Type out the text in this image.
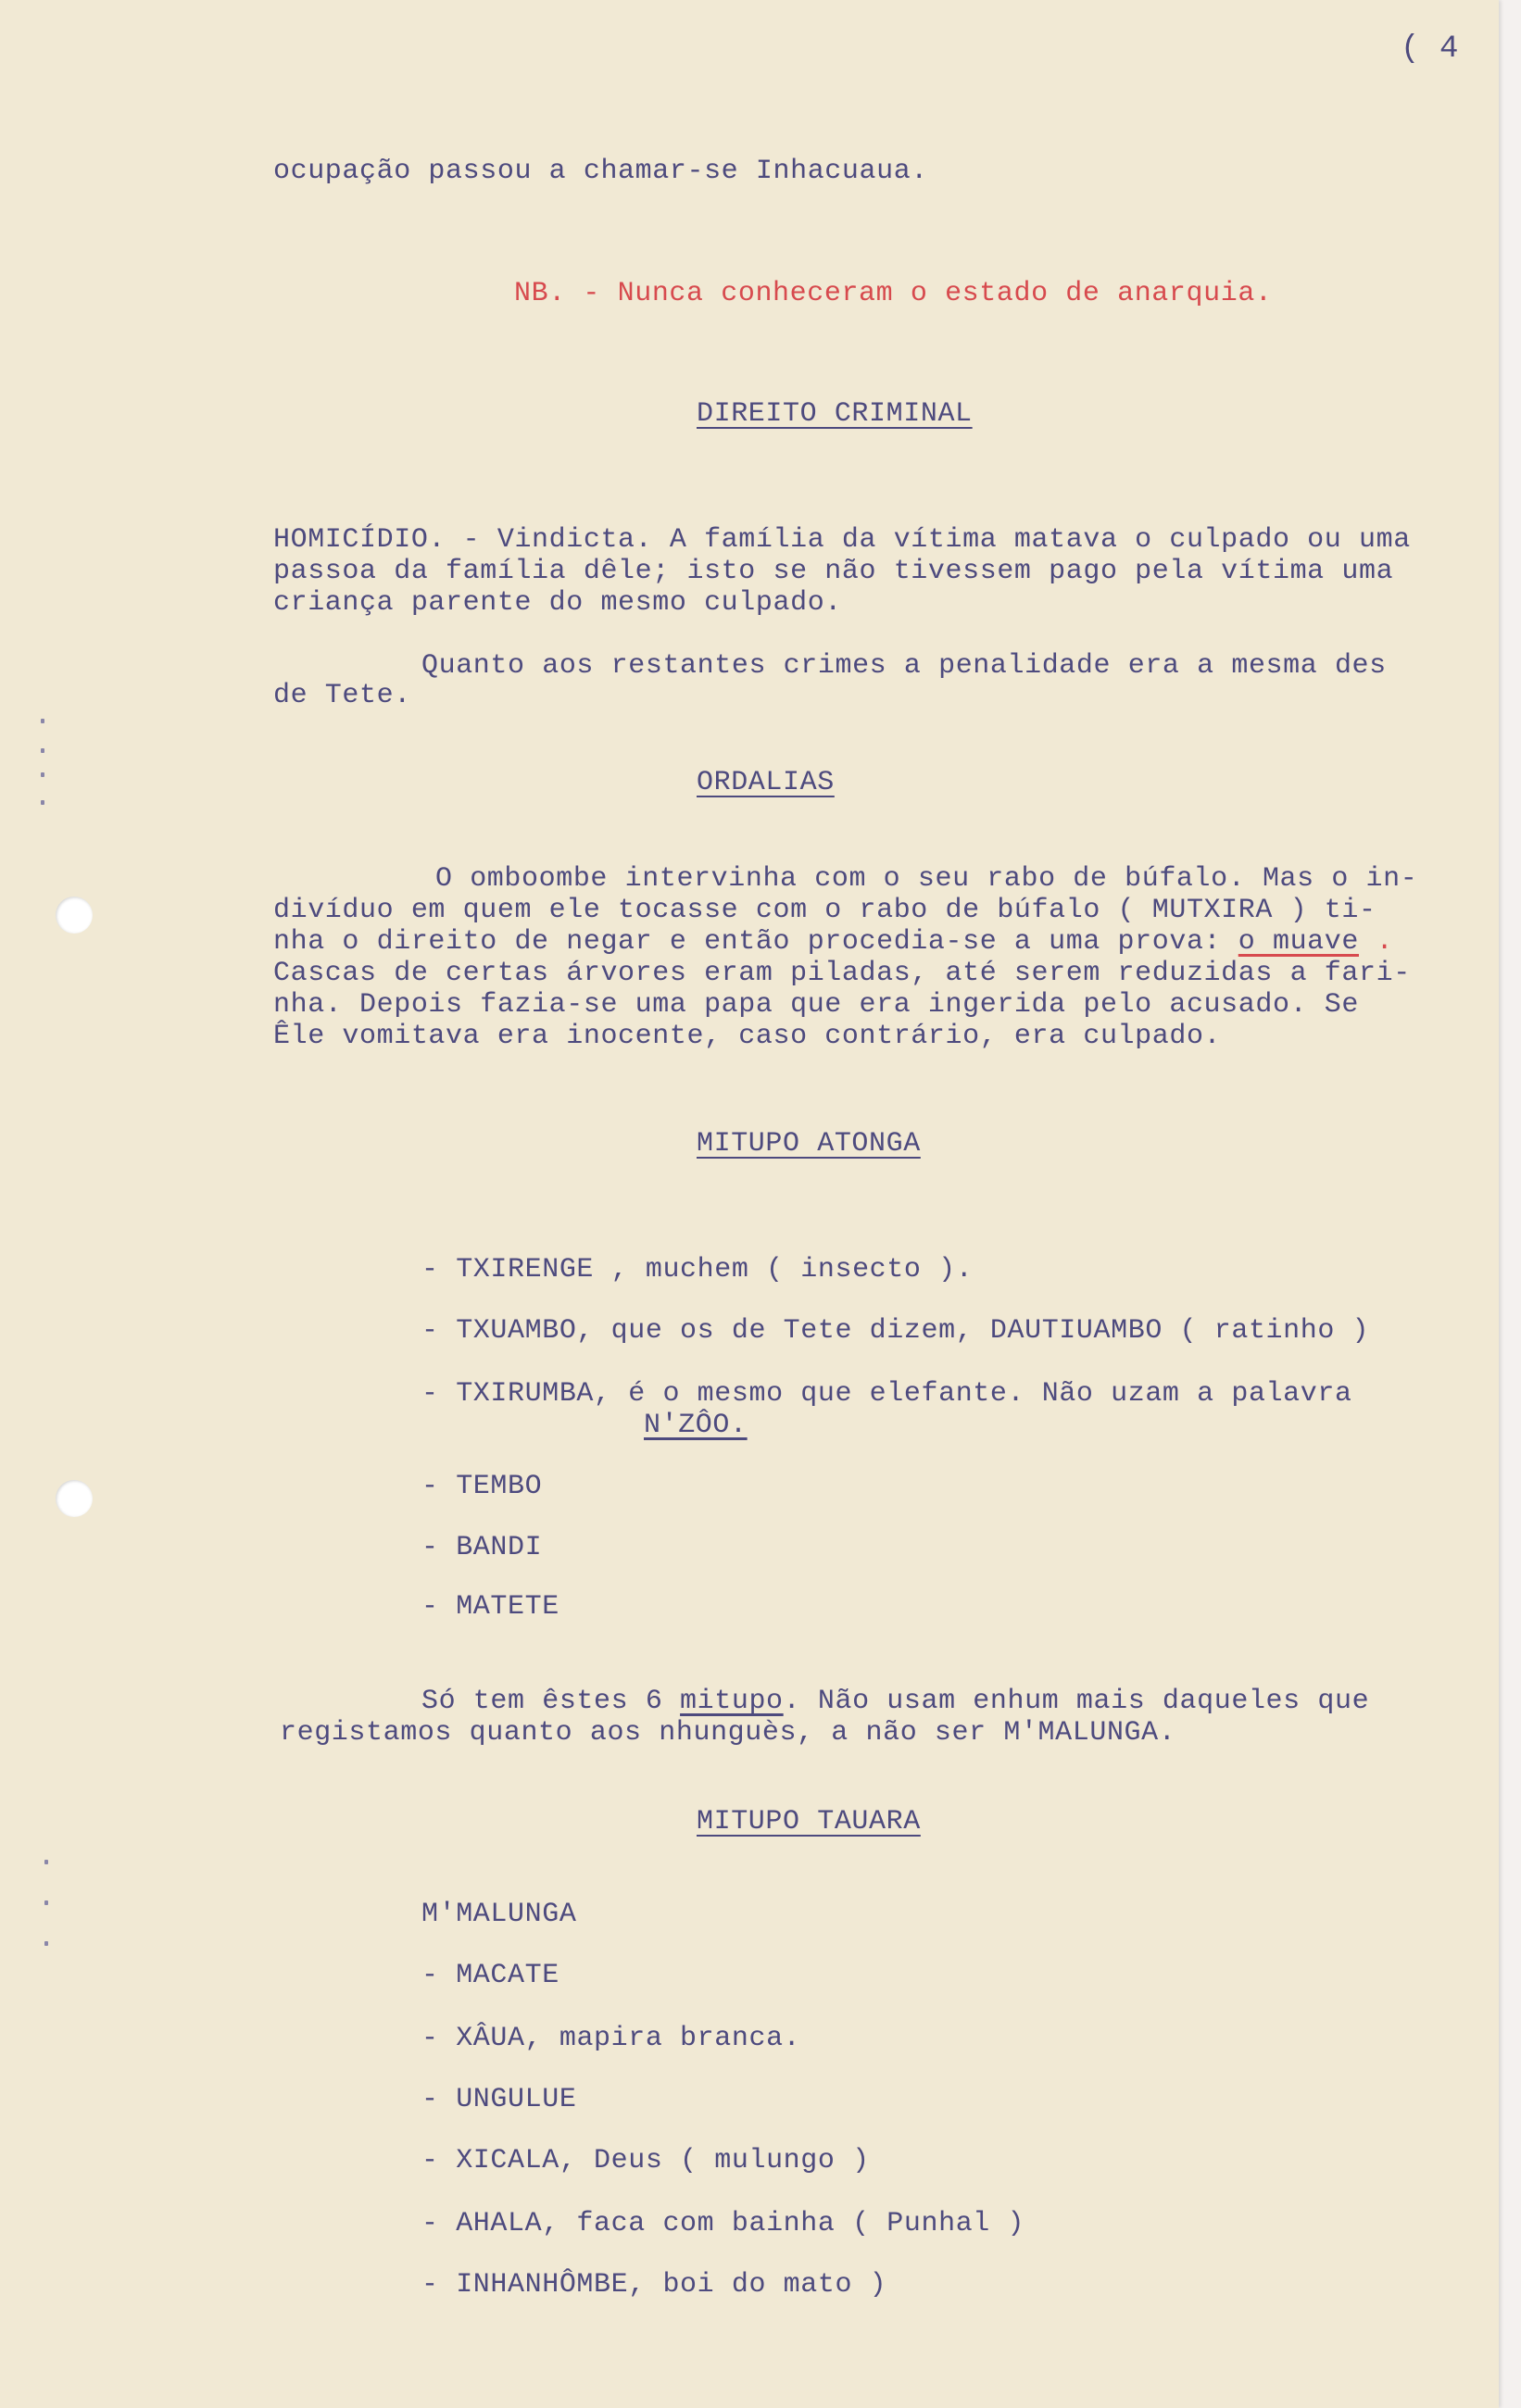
( 4
ocupação passou a chamar-se Inhacuaua.
NB. - Nunca conheceram o estado de anarquia.
DIREITO CRIMINAL
HOMICÍDIO. - Vindicta. A família da vítima matava o culpado ou uma
passoa da família dêle; isto se não tivessem pago pela vítima uma
criança parente do mesmo culpado.
Quanto aos restantes crimes a penalidade era a mesma des
de Tete.
ORDALIAS
O omboombe intervinha com o seu rabo de búfalo. Mas o in-
divíduo em quem ele tocasse com o rabo de búfalo ( MUTXIRA ) ti-
nha o direito de negar e então procedia-se a uma prova: o muave .
Cascas de certas árvores eram piladas, até serem reduzidas a fari-
nha. Depois fazia-se uma papa que era ingerida pelo acusado. Se
Êle vomitava era inocente, caso contrário, era culpado.
MITUPO ATONGA
- TXIRENGE , muchem ( insecto ).
- TXUAMBO, que os de Tete dizem, DAUTIUAMBO ( ratinho )
- TXIRUMBA, é o mesmo que elefante. Não uzam a palavra
N'ZÔO.
- TEMBO
- BANDI
- MATETE
Só tem êstes 6 mitupo. Não usam enhum mais daqueles que
registamos quanto aos nhunguès, a não ser M'MALUNGA.
MITUPO TAUARA
M'MALUNGA
- MACATE
- XÂUA, mapira branca.
- UNGULUE
- XICALA, Deus ( mulungo )
- AHALA, faca com bainha ( Punhal )
- INHANHÔMBE, boi do mato )
